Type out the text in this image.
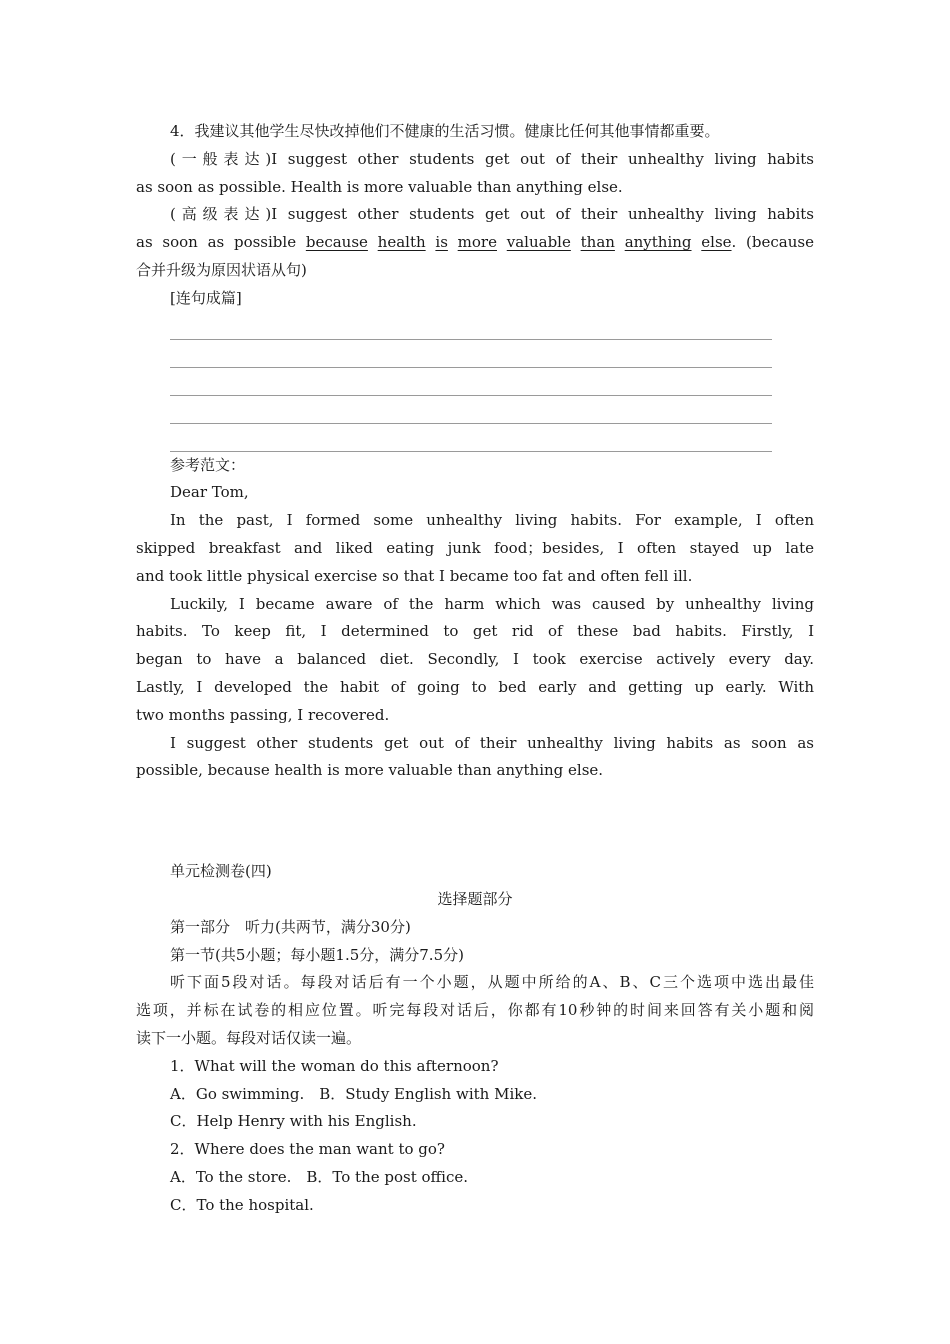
4．我建议其他学生尽快改掉他们不健康的生活习惯。健康比任何其他事情都重要。
(一般表达)I suggest other students get out of their unhealthy living habits
as soon as possible. Health is more valuable than anything else.
(高级表达)I suggest other students get out of their unhealthy living habits
as soon as possible because health is more valuable than anything else. (because
合并升级为原因状语从句)
[连句成篇]
参考范文：
Dear Tom,
In the past, I formed some unhealthy living habits. For example, I often
skipped breakfast and liked eating junk food；besides, I often stayed up late
and took little physical exercise so that I became too fat and often fell ill.
Luckily, I became aware of the harm which was caused by unhealthy living
habits. To keep fit, I determined to get rid of these bad habits. Firstly, I
began to have a balanced diet. Secondly, I took exercise actively every day.
Lastly, I developed the habit of going to bed early and getting up early. With
two months passing, I recovered.
I suggest other students get out of their unhealthy living habits as soon as
possible, because health is more valuable than anything else.
单元检测卷(四)
选择题部分
第一部分　听力(共两节，满分30分)
第一节(共5小题；每小题1.5分，满分7.5分)
听下面5段对话。每段对话后有一个小题，从题中所给的A、B、C三个选项中选出最佳
选项，并标在试卷的相应位置。听完每段对话后，你都有10秒钟的时间来回答有关小题和阅
读下一小题。每段对话仅读一遍。
1．What will the woman do this afternoon?
A．Go swimming.　B．Study English with Mike.
C．Help Henry with his English.
2．Where does the man want to go?
A．To the store.　B．To the post office.
C．To the hospital.
